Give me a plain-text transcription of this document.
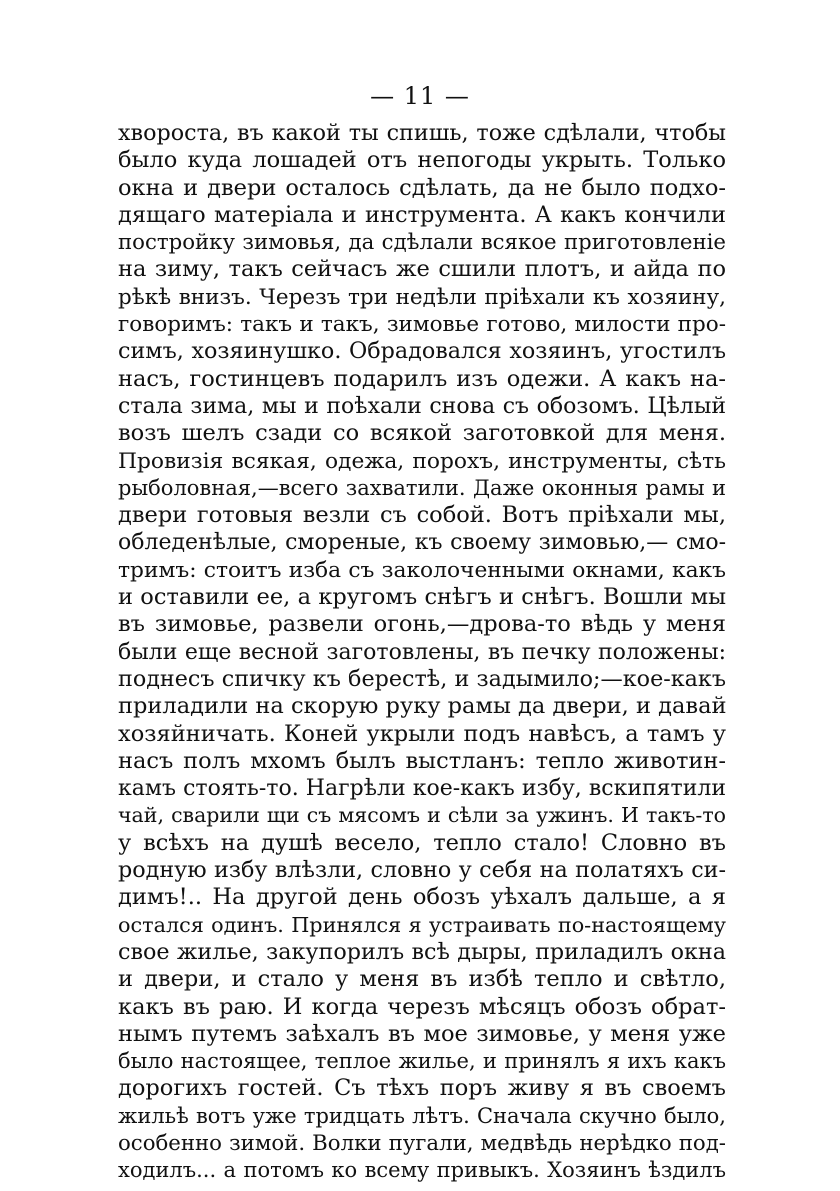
— 11 —
хвороста, въ какой ты спишь, тоже сдѣлали, чтобы
было куда лошадей отъ непогоды укрыть. Только
окна и двери осталось сдѣлать, да не было подхо-
дящаго матеріала и инструмента. А какъ кончили
постройку зимовья, да сдѣлали всякое приготовленіе
на зиму, такъ сейчасъ же сшили плотъ, и айда по
рѣкѣ внизъ. Черезъ три недѣли пріѣхали къ хозяину,
говоримъ: такъ и такъ, зимовье готово, милости про-
симъ, хозяинушко. Обрадовался хозяинъ, угостилъ
насъ, гостинцевъ подарилъ изъ одежи. А какъ на-
стала зима, мы и поѣхали снова съ обозомъ. Цѣлый
возъ шелъ сзади со всякой заготовкой для меня.
Провизія всякая, одежа, порохъ, инструменты, сѣть
рыболовная,—всего захватили. Даже оконныя рамы и
двери готовыя везли съ собой. Вотъ пріѣхали мы,
обледенѣлые, смореные, къ своему зимовью,— смо-
тримъ: стоитъ изба съ заколоченными окнами, какъ
и оставили ее, а кругомъ снѣгъ и снѣгъ. Вошли мы
въ зимовье, развели огонь,—дрова-то вѣдь у меня
были еще весной заготовлены, въ печку положены:
поднесъ спичку къ берестѣ, и задымило;—кое-какъ
приладили на скорую руку рамы да двери, и давай
хозяйничать. Коней укрыли подъ навѣсъ, а тамъ у
насъ полъ мхомъ былъ выстланъ: тепло животин-
камъ стоять-то. Нагрѣли кое-какъ избу, вскипятили
чай, сварили щи съ мясомъ и сѣли за ужинъ. И такъ-то
у всѣхъ на душѣ весело, тепло стало! Словно въ
родную избу влѣзли, словно у себя на полатяхъ си-
димъ!.. На другой день обозъ уѣхалъ дальше, а я
остался одинъ. Принялся я устраивать по-настоящему
свое жилье, закупорилъ всѣ дыры, приладилъ окна
и двери, и стало у меня въ избѣ тепло и свѣтло,
какъ въ раю. И когда черезъ мѣсяцъ обозъ обрат-
нымъ путемъ заѣхалъ въ мое зимовье, у меня уже
было настоящее, теплое жилье, и принялъ я ихъ какъ
дорогихъ гостей. Съ тѣхъ поръ живу я въ своемъ
жильѣ вотъ уже тридцать лѣтъ. Сначала скучно было,
особенно зимой. Волки пугали, медвѣдь нерѣдко под-
ходилъ... а потомъ ко всему привыкъ. Хозяинъ ѣздилъ
